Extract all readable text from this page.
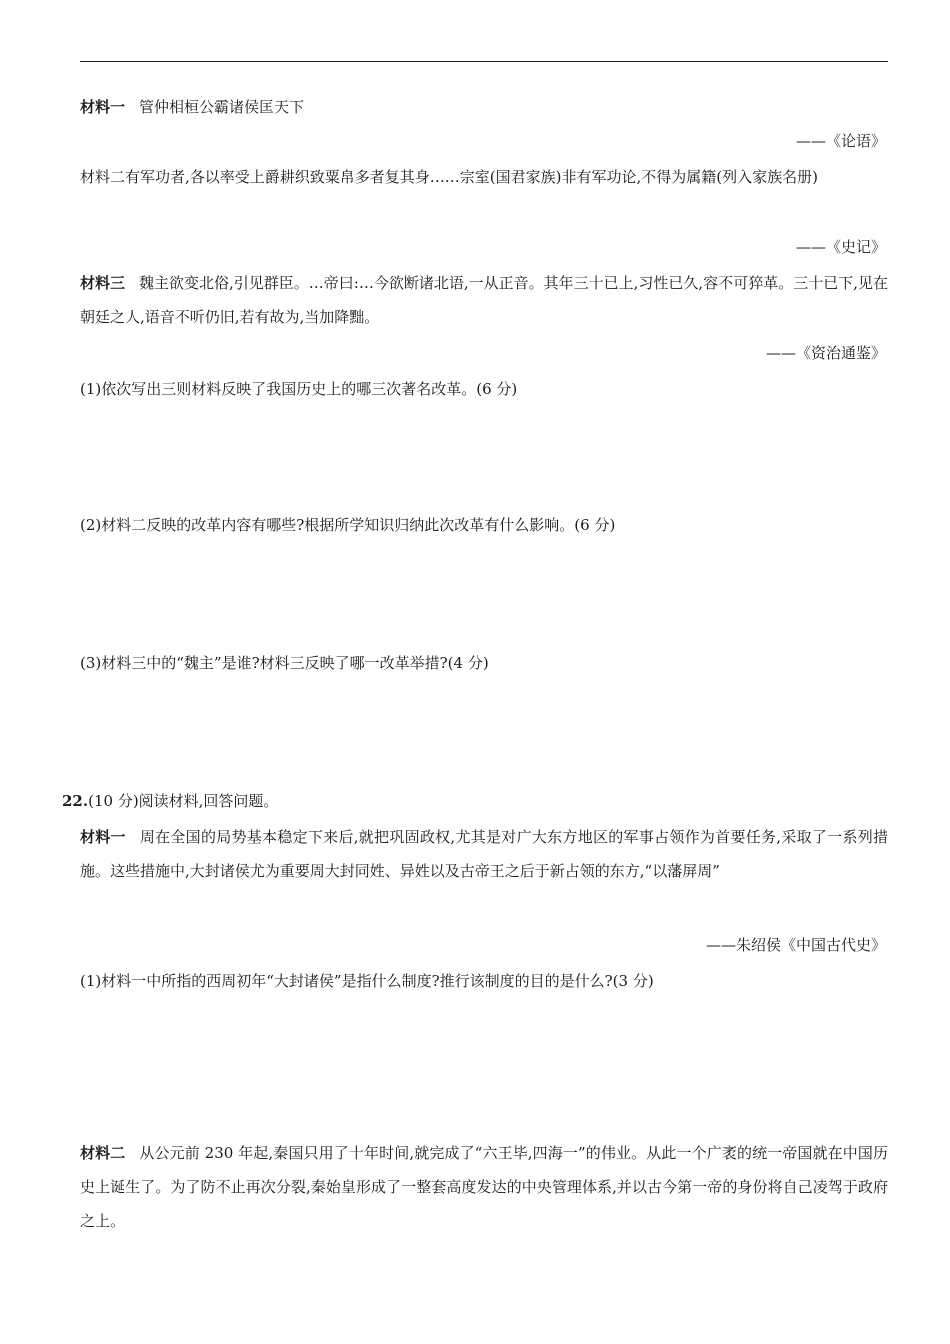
材料一 管仲相桓公霸诸侯匡天下
——《论语》
材料二有军功者,各以率受上爵耕织致粟帛多者复其身……宗室(国君家族)非有军功论,不得为属籍(列入家族名册)
——《史记》
材料三 魏主欲变北俗,引见群臣。…帝曰:…今欲断诸北语,一从正音。其年三十已上,习性已久,容不可猝革。三十已下,见在朝廷之人,语音不听仍旧,若有故为,当加降黜。
——《资治通鉴》
(1)依次写出三则材料反映了我国历史上的哪三次著名改革。(6 分)
(2)材料二反映的改革内容有哪些?根据所学知识归纳此次改革有什么影响。(6 分)
(3)材料三中的“魏主”是谁?材料三反映了哪一改革举措?(4 分)
22.(10 分)阅读材料,回答问题。
材料一 周在全国的局势基本稳定下来后,就把巩固政权,尤其是对广大东方地区的军事占领作为首要任务,采取了一系列措施。这些措施中,大封诸侯尤为重要周大封同姓、异姓以及古帝王之后于新占领的东方,“以藩屏周”
——朱绍侯《中国古代史》
(1)材料一中所指的西周初年“大封诸侯”是指什么制度?推行该制度的目的是什么?(3 分)
材料二 从公元前 230 年起,秦国只用了十年时间,就完成了“六王毕,四海一”的伟业。从此一个广袤的统一帝国就在中国历史上诞生了。为了防不止再次分裂,秦始皇形成了一整套高度发达的中央管理体系,并以古今第一帝的身份将自己凌驾于政府之上。
